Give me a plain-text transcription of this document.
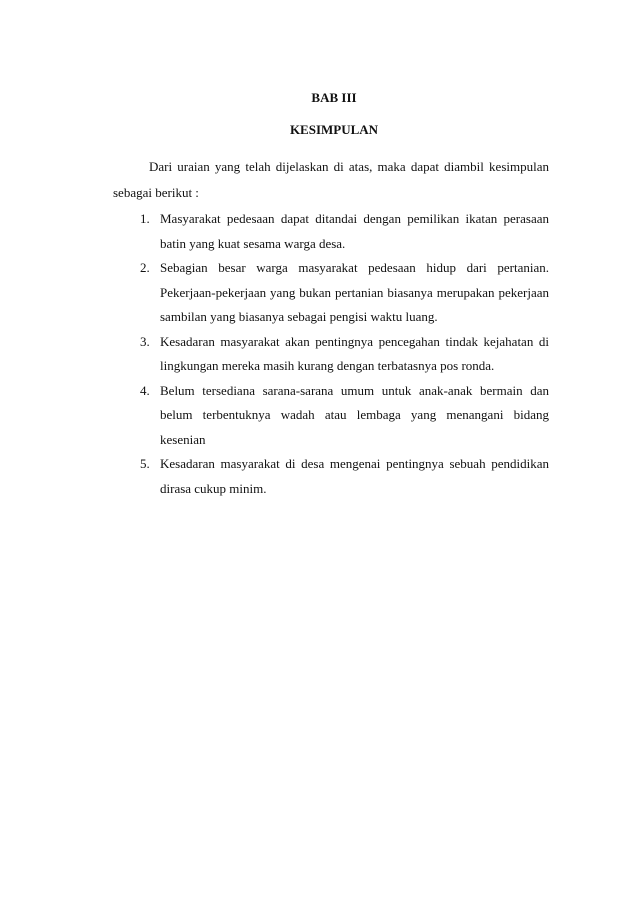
BAB III
KESIMPULAN

Dari uraian yang telah dijelaskan di atas, maka dapat diambil kesimpulan sebagai berikut :

1. Masyarakat pedesaan dapat ditandai dengan pemilikan ikatan perasaan batin yang kuat sesama warga desa.
2. Sebagian besar warga masyarakat pedesaan hidup dari pertanian. Pekerjaan-pekerjaan yang bukan pertanian biasanya merupakan pekerjaan sambilan yang biasanya sebagai pengisi waktu luang.
3. Kesadaran masyarakat akan pentingnya pencegahan tindak kejahatan di lingkungan mereka masih kurang dengan terbatasnya pos ronda.
4. Belum tersediana sarana-sarana umum untuk anak-anak bermain dan belum terbentuknya wadah atau lembaga yang menangani bidang kesenian
5. Kesadaran masyarakat di desa mengenai pentingnya sebuah pendidikan dirasa cukup minim.
